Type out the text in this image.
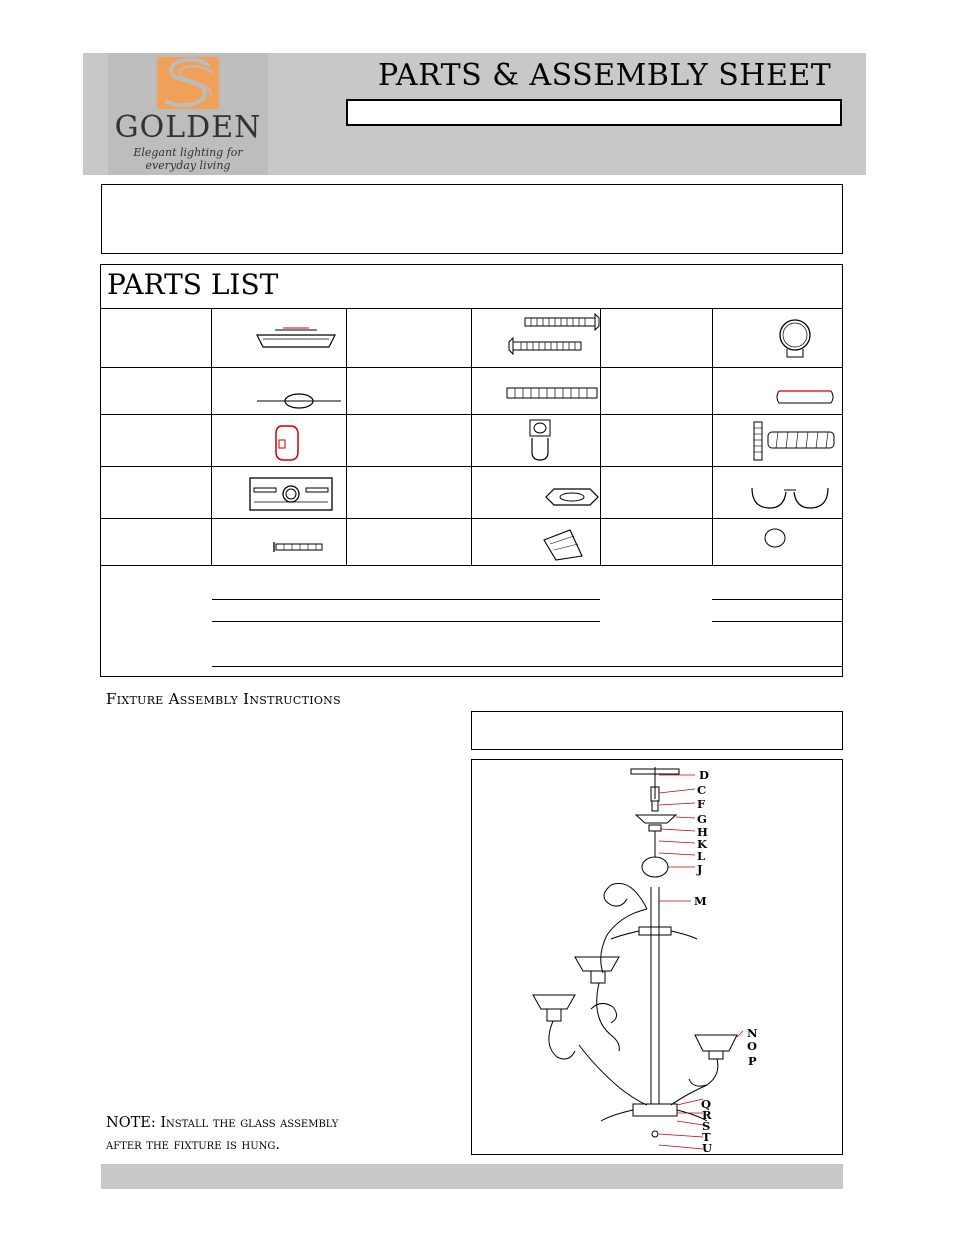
GOLDEN
Elegant lighting for everyday living
PARTS & ASSEMBLY SHEET
PARTS LIST
Fixture Assembly Instructions
D
C
F
G
H
K
L
J
M
N
O
P
Q
R
S
T
U
NOTE: Install the glass assembly
after the fixture is hung.
